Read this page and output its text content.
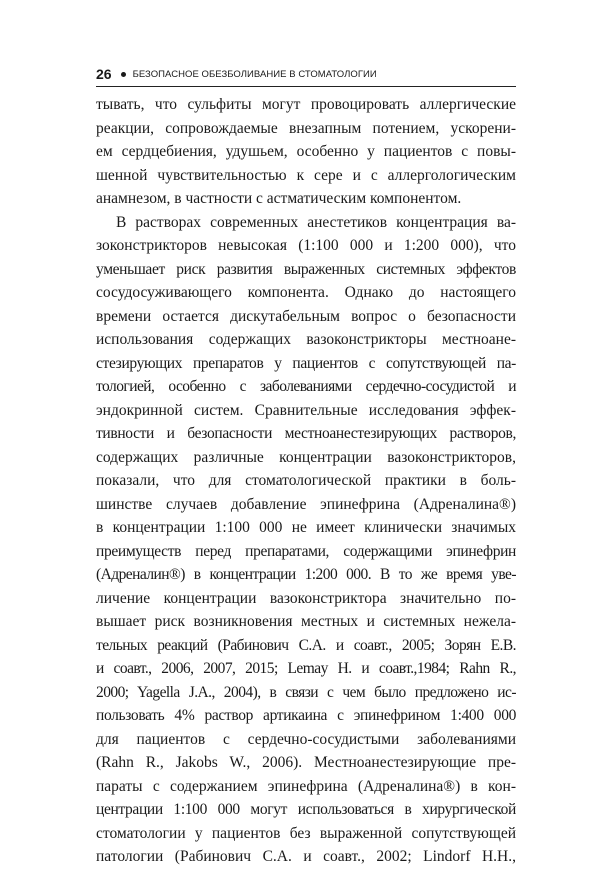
26 БЕЗОПАСНОЕ ОБЕЗБОЛИВАНИЕ В СТОМАТОЛОГИИ
тывать, что сульфиты могут провоцировать аллергические
реакции, сопровождаемые внезапным потением, ускорени-
ем сердцебиения, удушьем, особенно у пациентов с повы-
шенной чувствительностью к сере и с аллергологическим
анамнезом, в частности с астматическим компонентом.
В растворах современных анестетиков концентрация ва-
зоконстрикторов невысокая (1:100 000 и 1:200 000), что
уменьшает риск развития выраженных системных эффектов
сосудосуживающего компонента. Однако до настоящего
времени остается дискутабельным вопрос о безопасности
использования содержащих вазоконстрикторы местноане-
стезирующих препаратов у пациентов с сопутствующей па-
тологией, особенно с заболеваниями сердечно-сосудистой и
эндокринной систем. Сравнительные исследования эффек-
тивности и безопасности местноанестезирующих растворов,
содержащих различные концентрации вазоконстрикторов,
показали, что для стоматологической практики в боль-
шинстве случаев добавление эпинефрина (Адреналина®)
в концентрации 1:100 000 не имеет клинически значимых
преимуществ перед препаратами, содержащими эпинефрин
(Адреналин®) в концентрации 1:200 000. В то же время уве-
личение концентрации вазоконстриктора значительно по-
вышает риск возникновения местных и системных нежела-
тельных реакций (Рабинович С.А. и соавт., 2005; Зорян Е.В.
и соавт., 2006, 2007, 2015; Lemay H. и соавт.,1984; Rahn R.,
2000; Yagella J.A., 2004), в связи с чем было предложено ис-
пользовать 4% раствор артикаина с эпинефрином 1:400 000
для пациентов с сердечно-сосудистыми заболеваниями
(Rahn R., Jakobs W., 2006). Местноанестезирующие пре-
параты с содержанием эпинефрина (Адреналина®) в кон-
центрации 1:100 000 могут использоваться в хирургической
стоматологии у пациентов без выраженной сопутствующей
патологии (Рабинович С.А. и соавт., 2002; Lindorf H.H.,
